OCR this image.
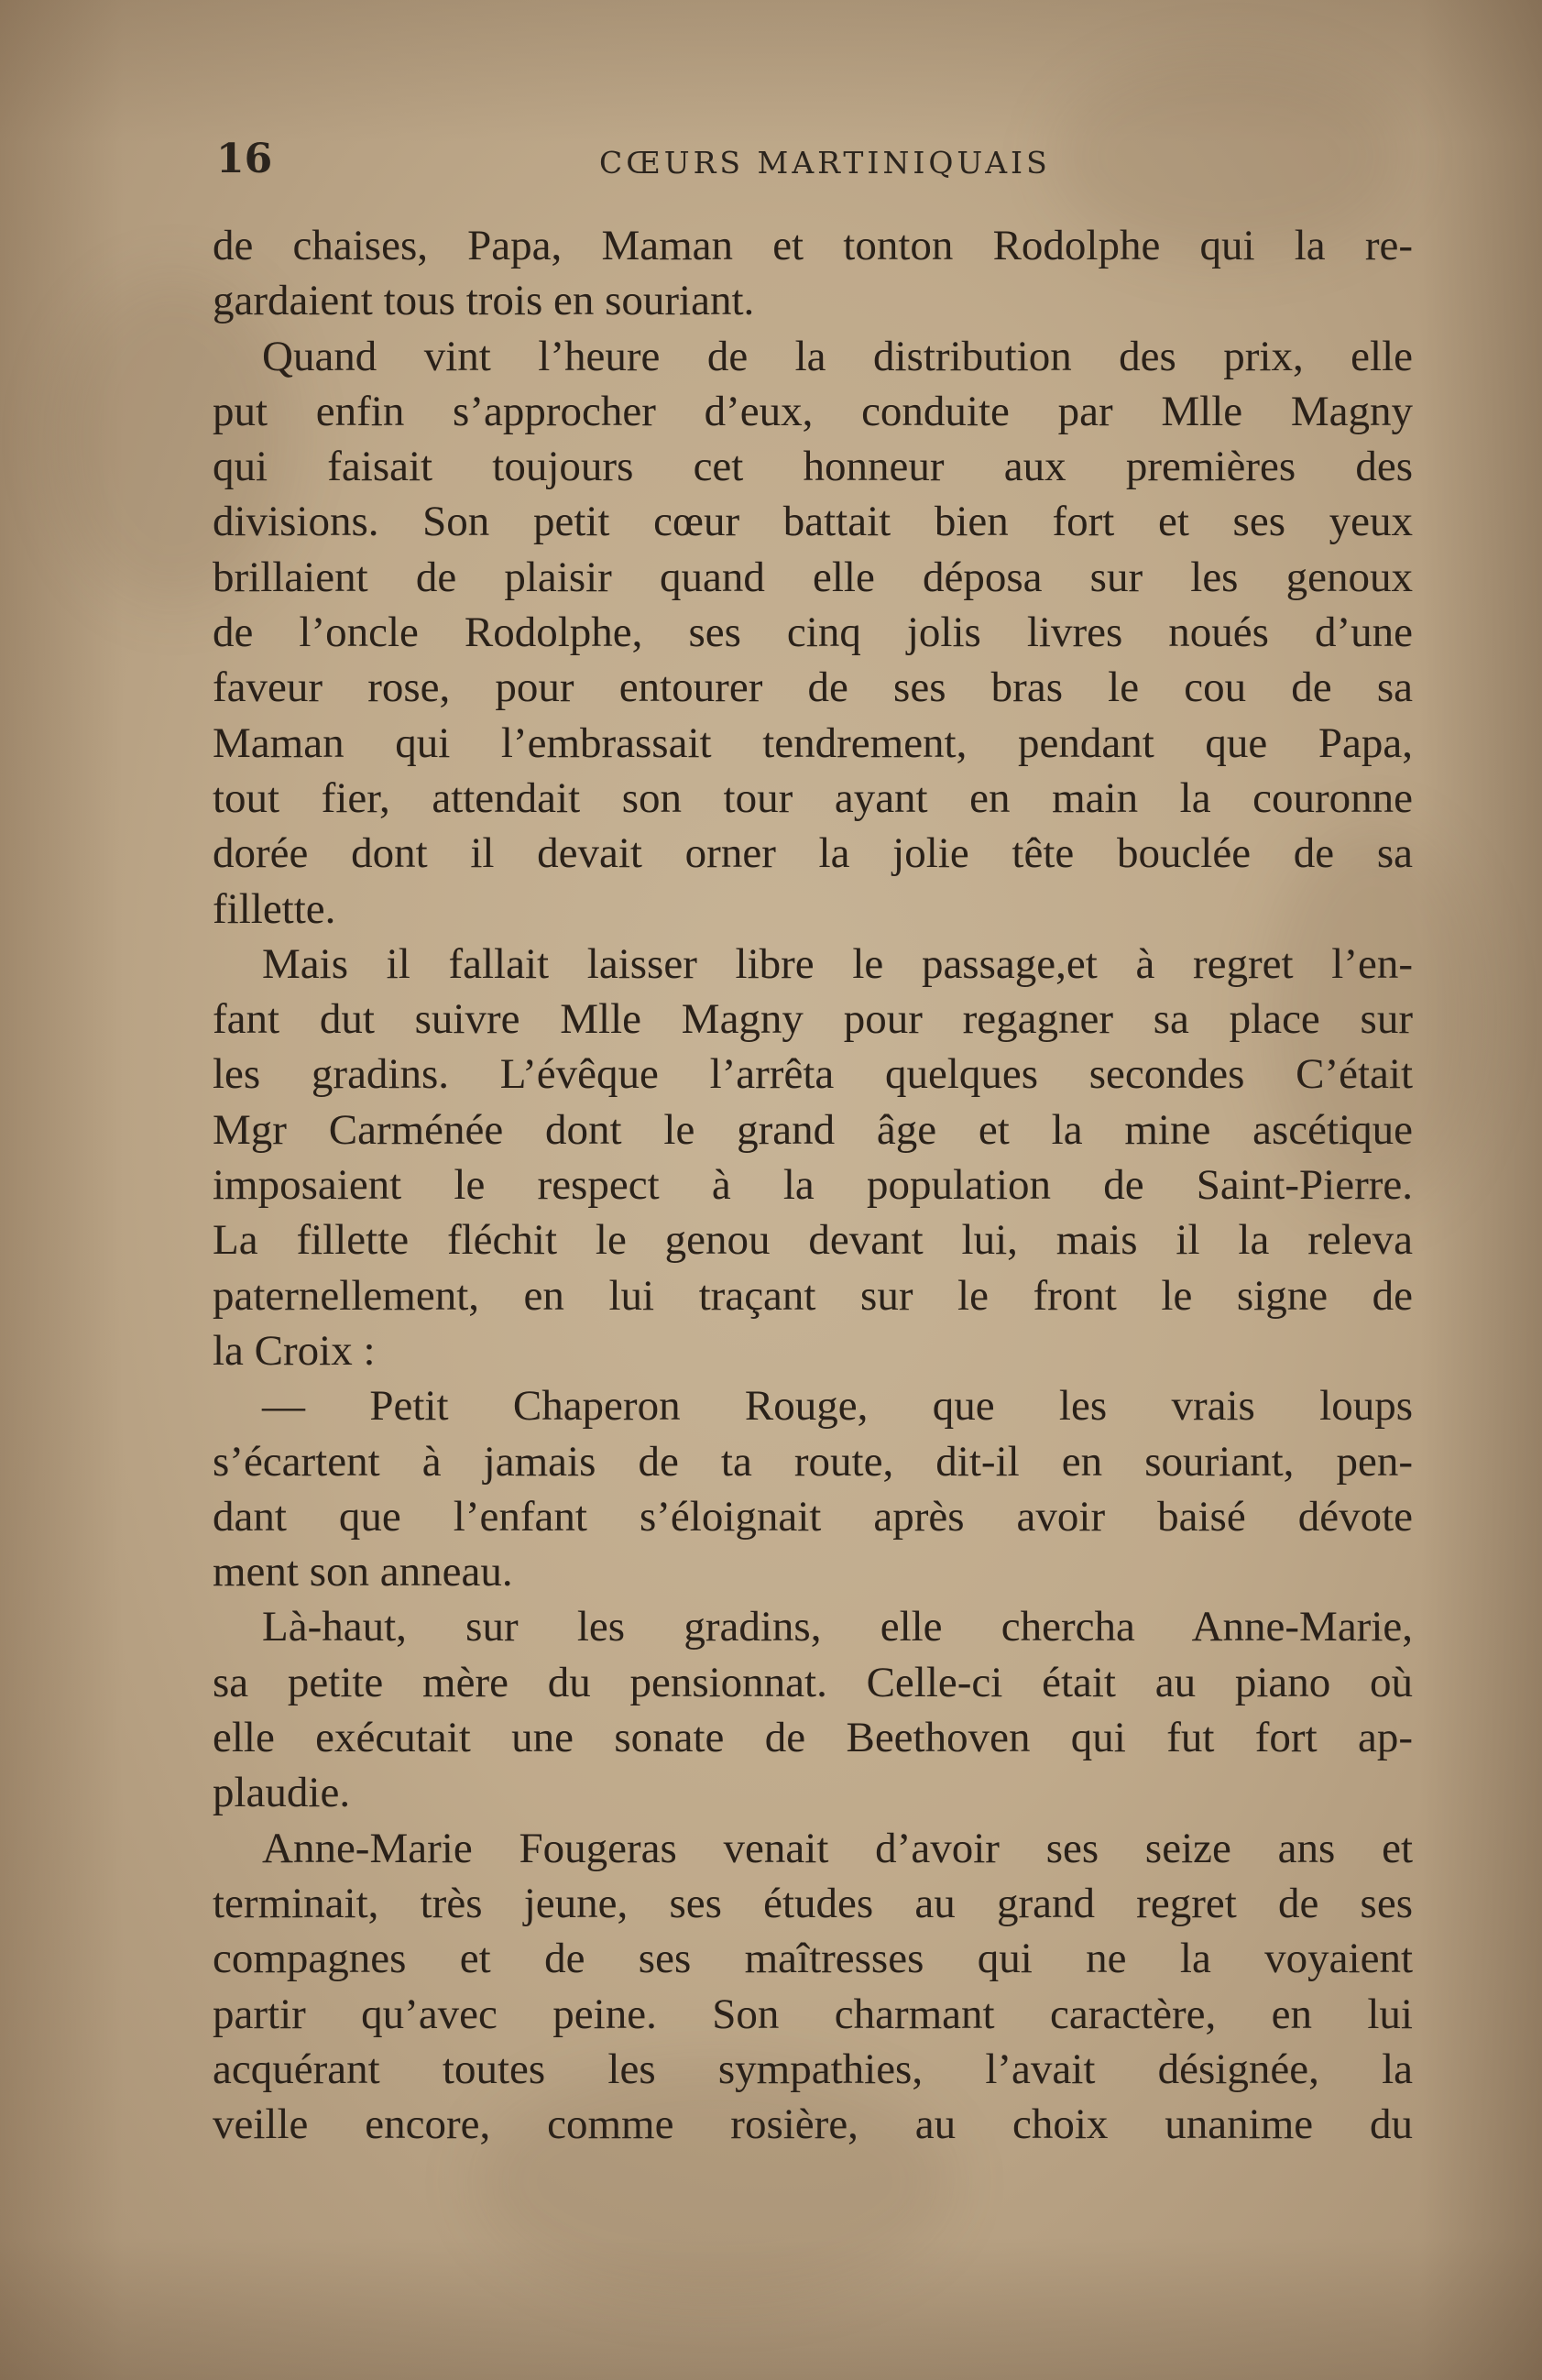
16	CŒURS MARTINIQUAIS
de chaises, Papa, Maman et tonton Rodolphe qui la re-
gardaient tous trois en souriant.
Quand vint l’heure de la distribution des prix, elle
put enfin s’approcher d’eux, conduite par Mlle Magny
qui faisait toujours cet honneur aux premières des
divisions. Son petit cœur battait bien fort et ses yeux
brillaient de plaisir quand elle déposa sur les genoux
de l’oncle Rodolphe, ses cinq jolis livres noués d’une
faveur rose, pour entourer de ses bras le cou de sa
Maman qui l’embrassait tendrement, pendant que Papa,
tout fier, attendait son tour ayant en main la couronne
dorée dont il devait orner la jolie tête bouclée de sa
fillette.
Mais il fallait laisser libre le passage,et à regret l’en-
fant dut suivre Mlle Magny pour regagner sa place sur
les gradins. L’évêque l’arrêta quelques secondes C’était
Mgr Carménée dont le grand âge et la mine ascétique
imposaient le respect à la population de Saint-Pierre.
La fillette fléchit le genou devant lui, mais il la releva
paternellement, en lui traçant sur le front le signe de
la Croix :
— Petit Chaperon Rouge, que les vrais loups
s’écartent à jamais de ta route, dit-il en souriant, pen-
dant que l’enfant s’éloignait après avoir baisé dévote
ment son anneau.
Là-haut, sur les gradins, elle chercha Anne-Marie,
sa petite mère du pensionnat. Celle-ci était au piano où
elle exécutait une sonate de Beethoven qui fut fort ap-
plaudie.
Anne-Marie Fougeras venait d’avoir ses seize ans et
terminait, très jeune, ses études au grand regret de ses
compagnes et de ses maîtresses qui ne la voyaient
partir qu’avec peine. Son charmant caractère, en lui
acquérant toutes les sympathies, l’avait désignée, la
veille encore, comme rosière, au choix unanime du
